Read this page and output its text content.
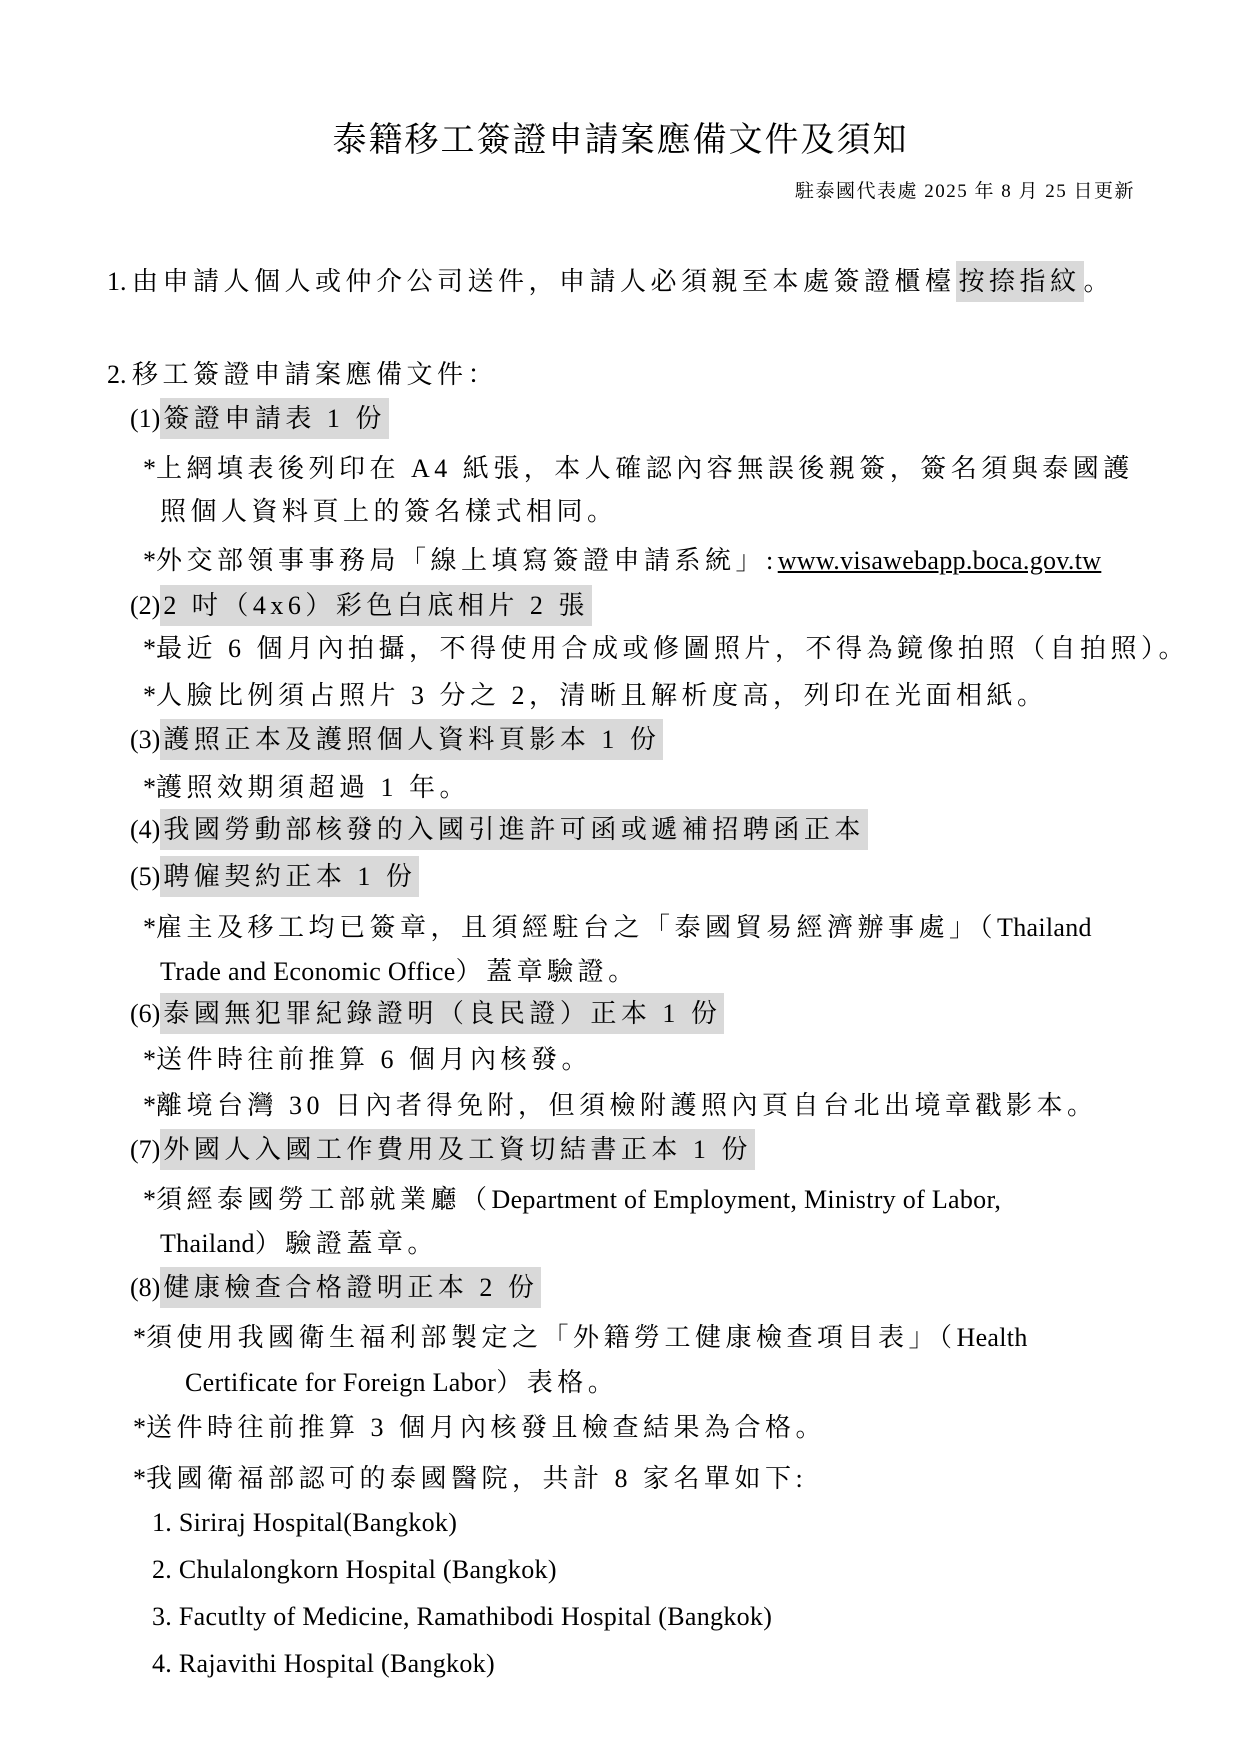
泰籍移工簽證申請案應備文件及須知
駐泰國代表處 2025 年 8 月 25 日更新
1. 由申請人個人或仲介公司送件，申請人必須親至本處簽證櫃檯 按捺指紋 。
2. 移工簽證申請案應備文件：
(1) 簽證申請表 1 份
*上網填表後列印在 A4 紙張，本人確認內容無誤後親簽，簽名須與泰國護
照個人資料頁上的簽名樣式相同。
*外交部領事事務局「線上填寫簽證申請系統」:www.visawebapp.boca.gov.tw
(2) 2 吋（4x6）彩色白底相片 2 張
*最近 6 個月內拍攝，不得使用合成或修圖照片，不得為鏡像拍照（自拍照）。
*人臉比例須占照片 3 分之 2，清晰且解析度高，列印在光面相紙。
(3) 護照正本及護照個人資料頁影本 1 份
*護照效期須超過 1 年。
(4) 我國勞動部核發的入國引進許可函或遞補招聘函正本
(5) 聘僱契約正本 1 份
*雇主及移工均已簽章，且須經駐台之「泰國貿易經濟辦事處」（Thailand
Trade and Economic Office）蓋章驗證。
(6) 泰國無犯罪紀錄證明（良民證）正本 1 份
*送件時往前推算 6 個月內核發。
*離境台灣 30 日內者得免附，但須檢附護照內頁自台北出境章戳影本。
(7) 外國人入國工作費用及工資切結書正本 1 份
*須經泰國勞工部就業廳（Department of Employment, Ministry of Labor,
Thailand）驗證蓋章。
(8) 健康檢查合格證明正本 2 份
*須使用我國衛生福利部製定之「外籍勞工健康檢查項目表」（Health
Certificate for Foreign Labor）表格。
*送件時往前推算 3 個月內核發且檢查結果為合格。
*我國衛福部認可的泰國醫院，共計 8 家名單如下:
1. Siriraj Hospital(Bangkok)
2. Chulalongkorn Hospital (Bangkok)
3. Facutlty of Medicine, Ramathibodi Hospital (Bangkok)
4. Rajavithi Hospital (Bangkok)
